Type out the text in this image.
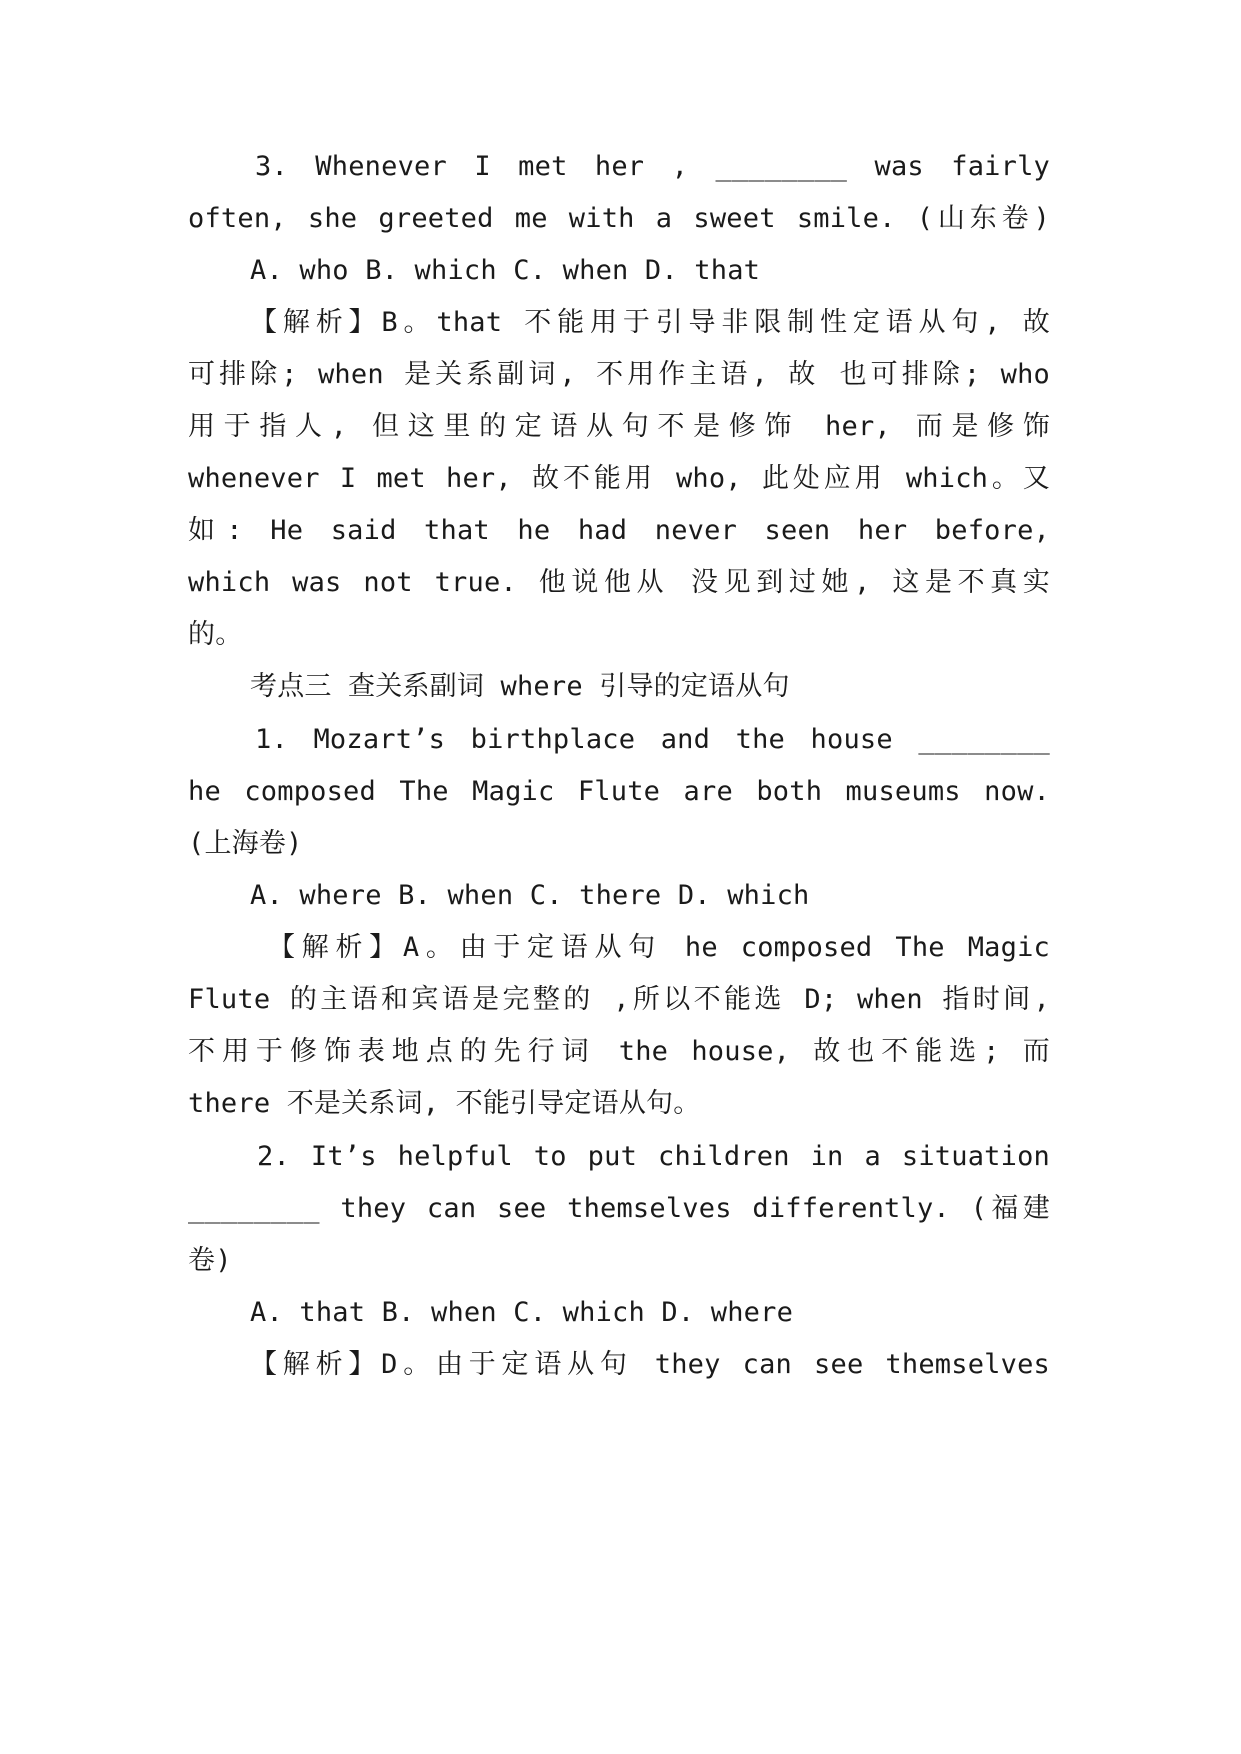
3. Whenever I met her , ________ was fairly
often, she greeted me with a sweet smile. (山东卷)
A. who B. which C. when D. that
【解析】B。that 不能用于引导非限制性定语从句, 故
可排除; when 是关系副词, 不用作主语, 故 也可排除; who
用于指人, 但这里的定语从句不是修饰 her, 而是修饰
whenever I met her, 故不能用 who, 此处应用 which。又
如: He said that he had never seen her before,
which was not true. 他说他从 没见到过她, 这是不真实
的。
考点三 查关系副词 where 引导的定语从句
1. Mozart’s birthplace and the house ________
he composed The Magic Flute are both museums now.
(上海卷)
A. where B. when C. there D. which
【解析】A。由于定语从句 he composed The Magic
Flute 的主语和宾语是完整的 ,所以不能选 D; when 指时间,
不用于修饰表地点的先行词 the house, 故也不能选; 而
there 不是关系词, 不能引导定语从句。
2. It’s helpful to put children in a situation
________ they can see themselves differently. (福建
卷)
A. that B. when C. which D. where
【解析】D。由于定语从句 they can see themselves
